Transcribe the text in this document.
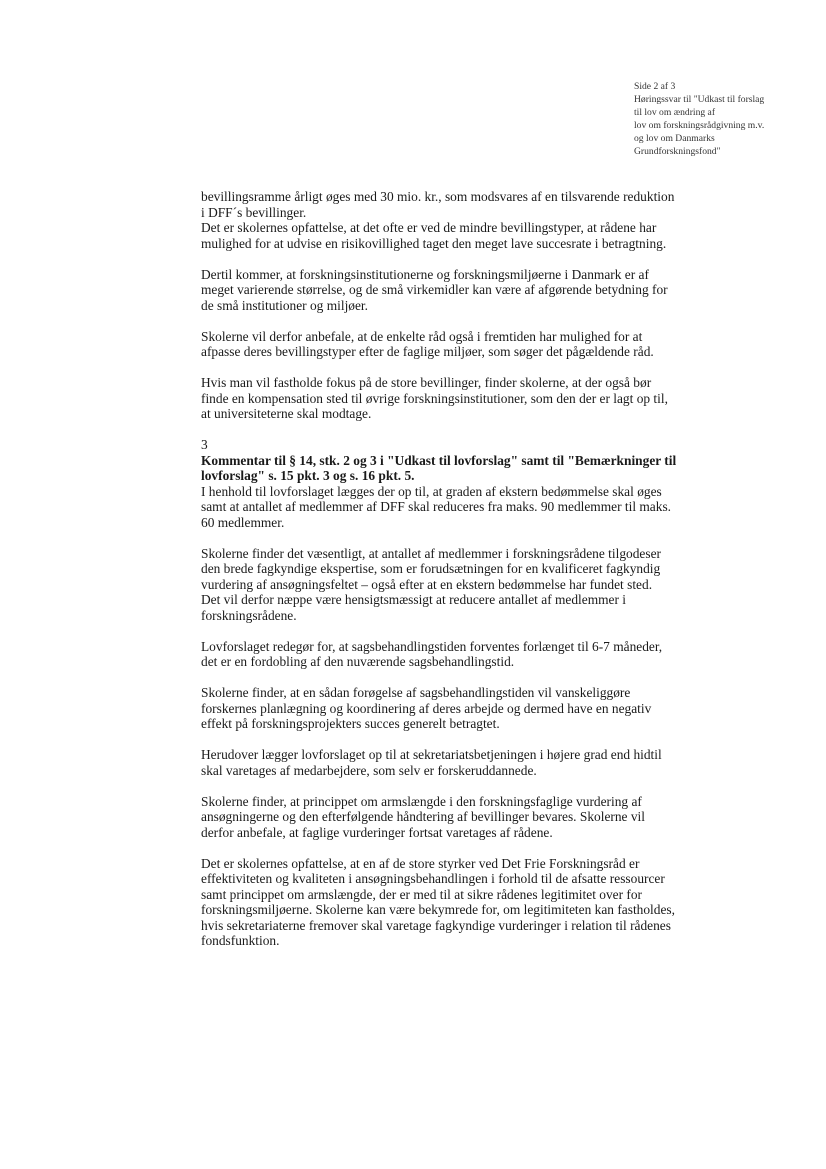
Side 2 af 3
Høringssvar til "Udkast til forslag
til lov om ændring af
lov om forskningsrådgivning m.v.
og lov om Danmarks
Grundforskningsfond"
bevillingsramme årligt øges med 30 mio. kr., som modsvares af en tilsvarende reduktion
i DFF´s bevillinger.
Det er skolernes opfattelse, at det ofte er ved de mindre bevillingstyper, at rådene har
mulighed for at udvise en risikovillighed taget den meget lave succesrate i betragtning.
Dertil kommer, at forskningsinstitutionerne og forskningsmiljøerne i Danmark er af
meget varierende størrelse, og de små virkemidler kan være af afgørende betydning for
de små institutioner og miljøer.
Skolerne vil derfor anbefale, at de enkelte råd også i fremtiden har mulighed for at
afpasse deres bevillingstyper efter de faglige miljøer, som søger det pågældende råd.
Hvis man vil fastholde fokus på de store bevillinger, finder skolerne, at der også bør
finde en kompensation sted til øvrige forskningsinstitutioner, som den der er lagt op til,
at universiteterne skal modtage.
3
Kommentar til § 14, stk. 2 og 3 i "Udkast til lovforslag" samt til "Bemærkninger til
lovforslag" s. 15 pkt. 3 og s. 16 pkt. 5.
I henhold til lovforslaget lægges der op til, at graden af ekstern bedømmelse skal øges
samt at antallet af medlemmer af DFF skal reduceres fra maks. 90 medlemmer til maks.
60 medlemmer.
Skolerne finder det væsentligt, at antallet af medlemmer i forskningsrådene tilgodeser
den brede fagkyndige ekspertise, som er forudsætningen for en kvalificeret fagkyndig
vurdering af ansøgningsfeltet – også efter at en ekstern bedømmelse har fundet sted.
Det vil derfor næppe være hensigtsmæssigt at reducere antallet af medlemmer i
forskningsrådene.
Lovforslaget redegør for, at sagsbehandlingstiden forventes forlænget til 6-7 måneder,
det er en fordobling af den nuværende sagsbehandlingstid.
Skolerne finder, at en sådan forøgelse af sagsbehandlingstiden vil vanskeliggøre
forskernes planlægning og koordinering af deres arbejde og dermed have en negativ
effekt på forskningsprojekters succes generelt betragtet.
Herudover lægger lovforslaget op til at sekretariatsbetjeningen i højere grad end hidtil
skal varetages af medarbejdere, som selv er forskeruddannede.
Skolerne finder, at princippet om armslængde i den forskningsfaglige vurdering af
ansøgningerne og den efterfølgende håndtering af bevillinger bevares. Skolerne vil
derfor anbefale, at faglige vurderinger fortsat varetages af rådene.
Det er skolernes opfattelse, at en af de store styrker ved Det Frie Forskningsråd er
effektiviteten og kvaliteten i ansøgningsbehandlingen i forhold til de afsatte ressourcer
samt princippet om armslængde, der er med til at sikre rådenes legitimitet over for
forskningsmiljøerne. Skolerne kan være bekymrede for, om legitimiteten kan fastholdes,
hvis sekretariaterne fremover skal varetage fagkyndige vurderinger i relation til rådenes
fondsfunktion.
